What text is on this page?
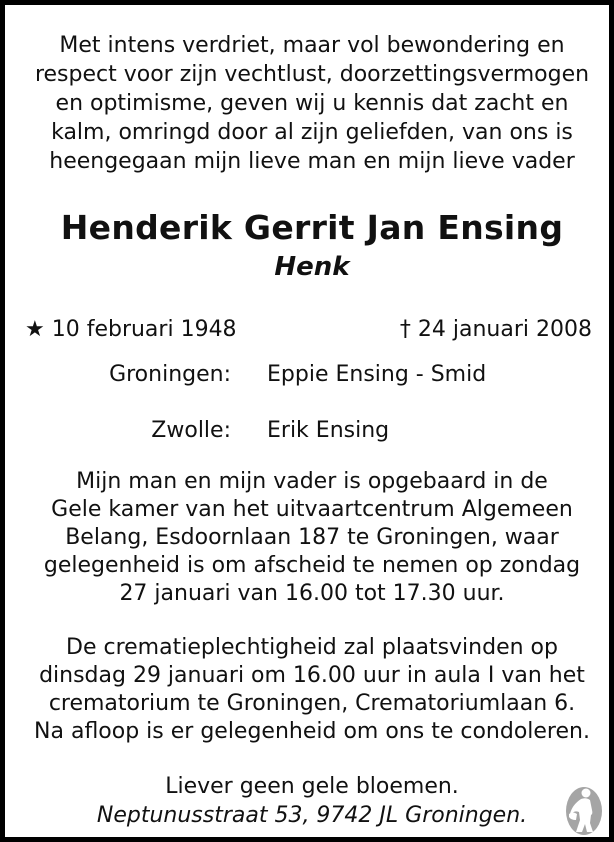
Met intens verdriet, maar vol bewondering en
respect voor zijn vechtlust, doorzettingsvermogen
en optimisme, geven wij u kennis dat zacht en
kalm, omringd door al zijn geliefden, van ons is
heengegaan mijn lieve man en mijn lieve vader
Henderik Gerrit Jan Ensing
Henk
★ 10 februari 1948	† 24 januari 2008
Groningen: Eppie Ensing - Smid
Zwolle: Erik Ensing
Mijn man en mijn vader is opgebaard in de
Gele kamer van het uitvaartcentrum Algemeen
Belang, Esdoornlaan 187 te Groningen, waar
gelegenheid is om afscheid te nemen op zondag
27 januari van 16.00 tot 17.30 uur.
De crematieplechtigheid zal plaatsvinden op
dinsdag 29 januari om 16.00 uur in aula I van het
crematorium te Groningen, Crematoriumlaan 6.
Na afloop is er gelegenheid om ons te condoleren.
Liever geen gele bloemen.
Neptunusstraat 53, 9742 JL Groningen.
